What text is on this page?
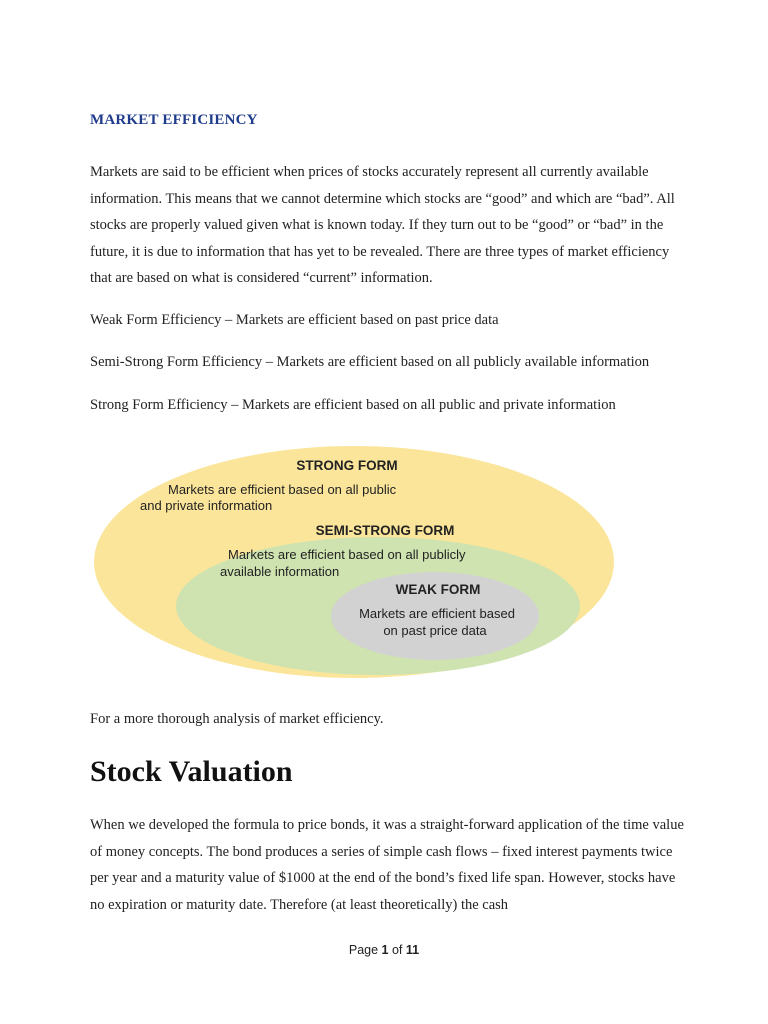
MARKET EFFICIENCY

Markets are said to be efficient when prices of stocks accurately represent all currently available information. This means that we cannot determine which stocks are “good” and which are “bad”. All stocks are properly valued given what is known today. If they turn out to be “good” or “bad” in the future, it is due to information that has yet to be revealed. There are three types of market efficiency that are based on what is considered “current” information.

Weak Form Efficiency – Markets are efficient based on past price data

Semi-Strong Form Efficiency – Markets are efficient based on all publicly available information

Strong Form Efficiency – Markets are efficient based on all public and private information

STRONG FORM
Markets are efficient based on all public
and private information
SEMI-STRONG FORM
Markets are efficient based on all publicly
available information
WEAK FORM
Markets are efficient based
on past price data

For a more thorough analysis of market efficiency.

Stock Valuation

When we developed the formula to price bonds, it was a straight-forward application of the time value of money concepts. The bond produces a series of simple cash flows – fixed interest payments twice per year and a maturity value of $1000 at the end of the bond’s fixed life span. However, stocks have no expiration or maturity date. Therefore (at least theoretically) the cash

Page 1 of 11
